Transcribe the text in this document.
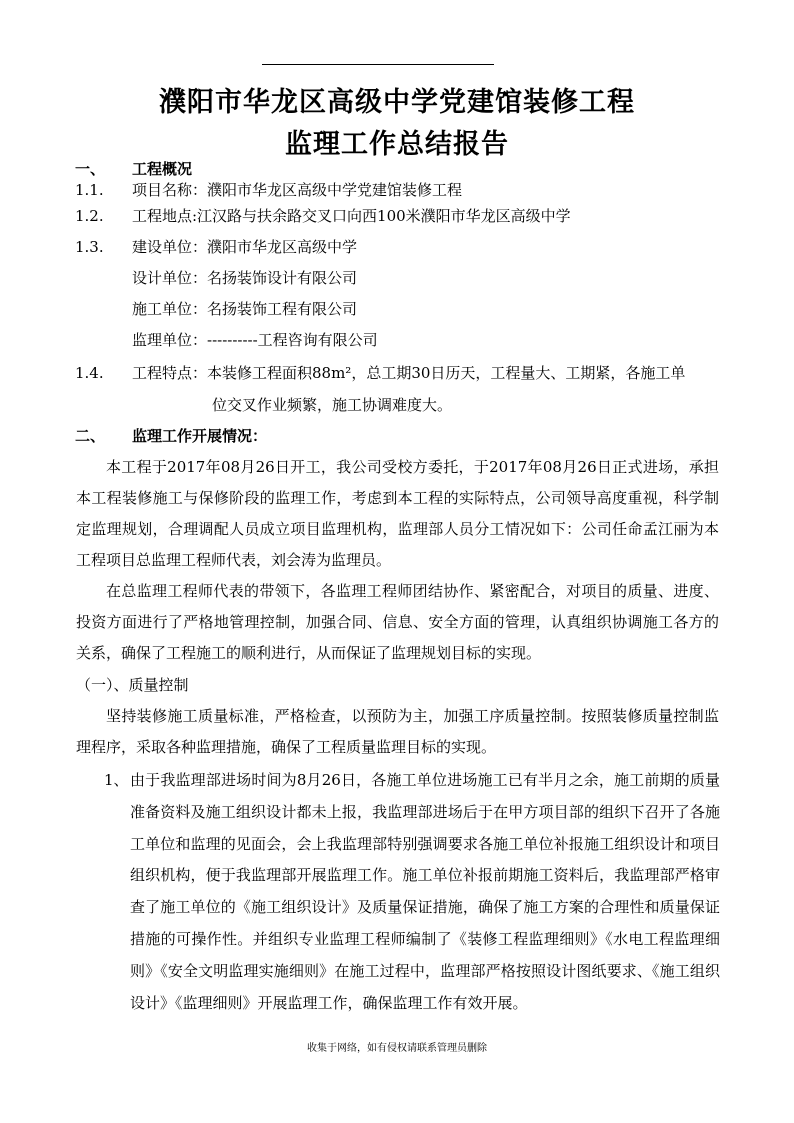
濮阳市华龙区高级中学党建馆装修工程
监理工作总结报告
一、 工程概况
1.1. 项目名称：濮阳市华龙区高级中学党建馆装修工程
1.2. 工程地点:江汉路与扶余路交叉口向西100米濮阳市华龙区高级中学
1.3. 建设单位：濮阳市华龙区高级中学
设计单位：名扬装饰设计有限公司
施工单位：名扬装饰工程有限公司
监理单位：----------工程咨询有限公司
1.4. 工程特点：本装修工程面积88m²，总工期30日历天，工程量大、工期紧，各施工单
位交叉作业频繁，施工协调难度大。
二、 监理工作开展情况：

本工程于2017年08月26日开工，我公司受校方委托，于2017年08月26日正式进场，承担本工程装修施工与保修阶段的监理工作，考虑到本工程的实际特点，公司领导高度重视，科学制定监理规划，合理调配人员成立项目监理机构，监理部人员分工情况如下：公司任命孟江丽为本工程项目总监理工程师代表，刘会涛为监理员。

在总监理工程师代表的带领下，各监理工程师团结协作、紧密配合，对项目的质量、进度、投资方面进行了严格地管理控制，加强合同、信息、安全方面的管理，认真组织协调施工各方的关系，确保了工程施工的顺利进行，从而保证了监理规划目标的实现。

（一）、质量控制

坚持装修施工质量标准，严格检查，以预防为主，加强工序质量控制。按照装修质量控制监理程序，采取各种监理措施，确保了工程质量监理目标的实现。

1、 由于我监理部进场时间为8月26日，各施工单位进场施工已有半月之余，施工前期的质量准备资料及施工组织设计都未上报，我监理部进场后于在甲方项目部的组织下召开了各施工单位和监理的见面会，会上我监理部特别强调要求各施工单位补报施工组织设计和项目组织机构，便于我监理部开展监理工作。施工单位补报前期施工资料后，我监理部严格审查了施工单位的《施工组织设计》及质量保证措施，确保了施工方案的合理性和质量保证措施的可操作性。并组织专业监理工程师编制了《装修工程监理细则》《水电工程监理细则》《安全文明监理实施细则》在施工过程中，监理部严格按照设计图纸要求、《施工组织设计》《监理细则》开展监理工作，确保监理工作有效开展。

收集于网络，如有侵权请联系管理员删除
